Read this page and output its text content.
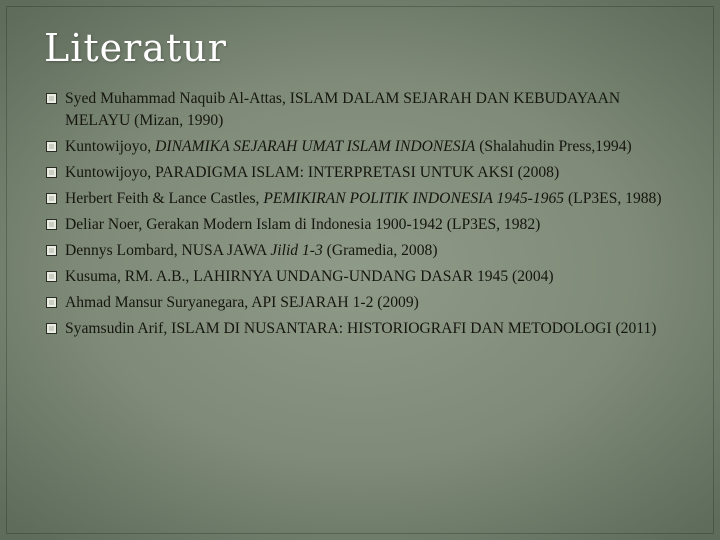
Literatur
Syed Muhammad Naquib Al-Attas, ISLAM DALAM SEJARAH DAN KEBUDAYAAN MELAYU (Mizan, 1990)
Kuntowijoyo, DINAMIKA SEJARAH UMAT ISLAM INDONESIA (Shalahudin Press,1994)
Kuntowijoyo, PARADIGMA ISLAM: INTERPRETASI UNTUK AKSI (2008)
Herbert Feith & Lance Castles, PEMIKIRAN POLITIK INDONESIA 1945-1965 (LP3ES, 1988)
Deliar Noer, Gerakan Modern Islam di Indonesia 1900-1942 (LP3ES, 1982)
Dennys Lombard, NUSA JAWA Jilid 1-3 (Gramedia, 2008)
Kusuma, RM. A.B., LAHIRNYA UNDANG-UNDANG DASAR 1945 (2004)
Ahmad Mansur Suryanegara, API SEJARAH 1-2 (2009)
Syamsudin Arif, ISLAM DI NUSANTARA: HISTORIOGRAFI DAN METODOLOGI (2011)
